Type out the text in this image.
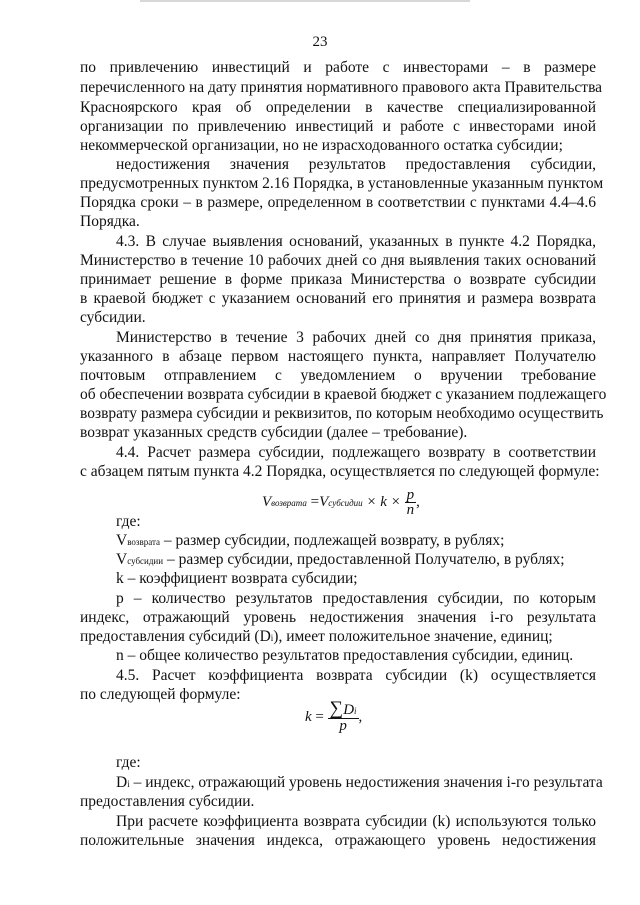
23
по привлечению инвестиций и работе с инвесторами – в размере
перечисленного на дату принятия нормативного правового акта Правительства
Красноярского края об определении в качестве специализированной
организации по привлечению инвестиций и работе с инвесторами иной
некоммерческой организации, но не израсходованного остатка субсидии;
недостижения значения результатов предоставления субсидии,
предусмотренных пунктом 2.16 Порядка, в установленные указанным пунктом
Порядка сроки – в размере, определенном в соответствии с пунктами 4.4–4.6
Порядка.
4.3. В случае выявления оснований, указанных в пункте 4.2 Порядка,
Министерство в течение 10 рабочих дней со дня выявления таких оснований
принимает решение в форме приказа Министерства о возврате субсидии
в краевой бюджет с указанием оснований его принятия и размера возврата
субсидии.
Министерство в течение 3 рабочих дней со дня принятия приказа,
указанного в абзаце первом настоящего пункта, направляет Получателю
почтовым отправлением с уведомлением о вручении требование
об обеспечении возврата субсидии в краевой бюджет с указанием подлежащего
возврату размера субсидии и реквизитов, по которым необходимо осуществить
возврат указанных средств субсидии (далее – требование).
4.4. Расчет размера субсидии, подлежащего возврату в соответствии
с абзацем пятым пункта 4.2 Порядка, осуществляется по следующей формуле:
Vвозврата =Vсубсидии × $k \times \frac{p}{n}$ ,
где:
Vвозврата – размер субсидии, подлежащей возврату, в рублях;
Vсубсидии – размер субсидии, предоставленной Получателю, в рублях;
k – коэффициент возврата субсидии;
p – количество результатов предоставления субсидии, по которым
индекс, отражающий уровень недостижения значения i-го результата
предоставления субсидий (Di), имеет положительное значение, единиц;
n – общее количество результатов предоставления субсидии, единиц.
4.5. Расчет коэффициента возврата субсидии (k) осуществляется
по следующей формуле:
$k = \frac{\sum Di}{p}$ ,
где:
Di – индекс, отражающий уровень недостижения значения i-го результата
предоставления субсидии.
При расчете коэффициента возврата субсидии (k) используются только
положительные значения индекса, отражающего уровень недостижения
